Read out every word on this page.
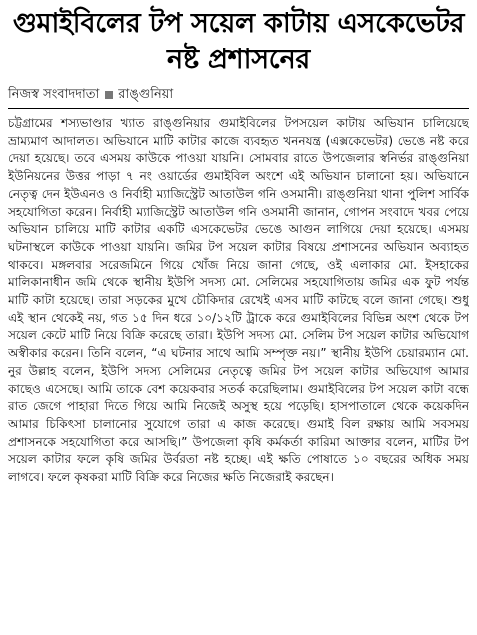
গুমাইবিলের টপ সয়েল কাটায় এসকেভেটর নষ্ট প্রশাসনের
নিজস্ব সংবাদদাতা রাঙ্গুনিয়া

চট্টগ্রামের শস্যভাণ্ডার খ্যাত রাঙ্গুনিয়ার গুমাইবিলের টপসয়েল কাটায় অভিযান চালিয়েছে ভ্রাম্যমাণ আদালত। অভিযানে মাটি কাটার কাজে ব্যবহৃত খননযন্ত্র (এক্সকেভেটর) ভেঙে নষ্ট করে দেয়া হয়েছে। তবে এসময় কাউকে পাওয়া যায়নি। সোমবার রাতে উপজেলার স্বনির্ভর রাঙ্গুনিয়া ইউনিয়নের উত্তর পাড়া ৭ নং ওয়ার্ডের গুমাইবিল অংশে এই অভিযান চালানো হয়। অভিযানে নেতৃত্ব দেন ইউএনও ও নির্বাহী ম্যাজিস্ট্রেট আতাউল গনি ওসমানী। রাঙ্গুনিয়া থানা পুলিশ সার্বিক সহযোগিতা করেন। নির্বাহী ম্যাজিস্ট্রেট আতাউল গনি ওসমানী জানান, গোপন সংবাদে খবর পেয়ে অভিযান চালিয়ে মাটি কাটার একটি এসকেভেটর ভেঙে আগুন লাগিয়ে দেয়া হয়েছে। এসময় ঘটনাস্থলে কাউকে পাওয়া যায়নি। জমির টপ সয়েল কাটার বিষয়ে প্রশাসনের অভিযান অব্যাহত থাকবে। মঙ্গলবার সরেজমিনে গিয়ে খোঁজ নিয়ে জানা গেছে, ওই এলাকার মো. ইসহাকের মালিকানাধীন জমি থেকে স্থানীয় ইউপি সদস্য মো. সেলিমের সহযোগিতায় জমির এক ফুট পর্যন্ত মাটি কাটা হয়েছে। তারা সড়কের মুখে চৌকিদার রেখেই এসব মাটি কাটছে বলে জানা গেছে। শুধু এই স্থান থেকেই নয়, গত ১৫ দিন ধরে ১০/১২টি ট্রাকে করে গুমাইবিলের বিভিন্ন অংশ থেকে টপ সয়েল কেটে মাটি নিয়ে বিক্রি করেছে তারা। ইউপি সদস্য মো. সেলিম টপ সয়েল কাটার অভিযোগ অস্বীকার করেন। তিনি বলেন, “এ ঘটনার সাথে আমি সম্পৃক্ত নয়।” স্থানীয় ইউপি চেয়ারম্যান মো. নুর উল্লাহ বলেন, ইউপি সদস্য সেলিমের নেতৃত্বে জমির টপ সয়েল কাটার অভিযোগ আমার কাছেও এসেছে। আমি তাকে বেশ কয়েকবার সতর্ক করেছিলাম। গুমাইবিলের টপ সয়েল কাটা বন্ধে রাত জেগে পাহারা দিতে গিয়ে আমি নিজেই অসুস্থ হয়ে পড়েছি। হাসপাতালে থেকে কয়েকদিন আমার চিকিৎসা চালানোর সুযোগে তারা এ কাজ করেছে। গুমাই বিল রক্ষায় আমি সবসময় প্রশাসনকে সহযোগিতা করে আসছি।” উপজেলা কৃষি কর্মকর্তা কারিমা আক্তার বলেন, মাটির টপ সয়েল কাটার ফলে কৃষি জমির উর্বরতা নষ্ট হচ্ছে। এই ক্ষতি পোষাতে ১০ বছরের অধিক সময় লাগবে। ফলে কৃষকরা মাটি বিক্রি করে নিজের ক্ষতি নিজেরাই করছেন।
